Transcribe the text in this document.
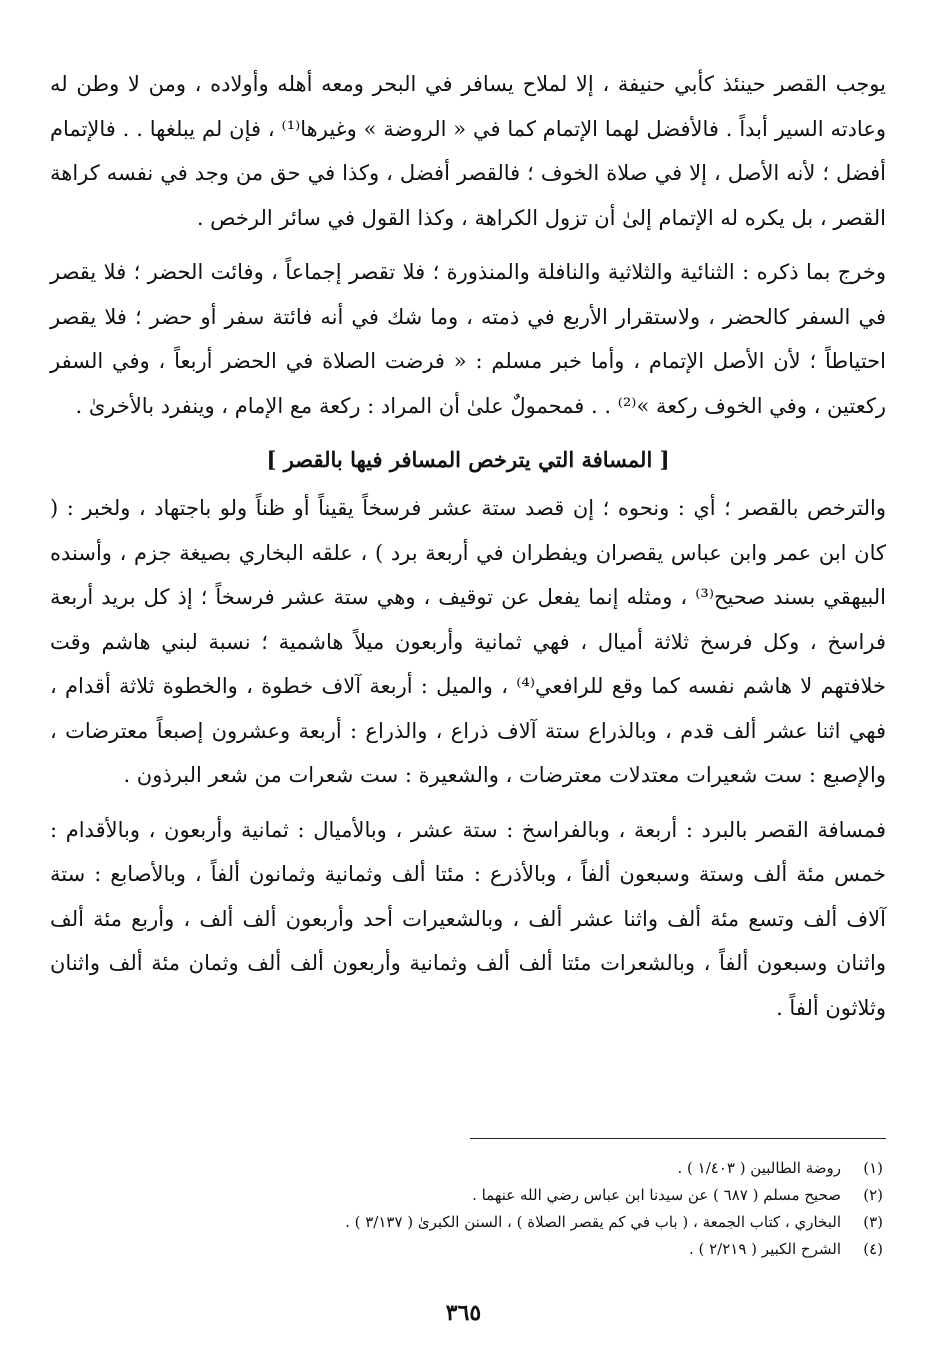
يوجب القصر حينئذ كأبي حنيفة ، إلا لملاح يسافر في البحر ومعه أهله وأولاده ، ومن لا وطن له وعادته السير أبداً . فالأفضل لهما الإتمام كما في « الروضة » وغيرها⁽¹⁾ ، فإن لم يبلغها . . فالإتمام أفضل ؛ لأنه الأصل ، إلا في صلاة الخوف ؛ فالقصر أفضل ، وكذا في حق من وجد في نفسه كراهة القصر ، بل يكره له الإتمام إلىٰ أن تزول الكراهة ، وكذا القول في سائر الرخص .

وخرج بما ذكره : الثنائية والثلاثية والنافلة والمنذورة ؛ فلا تقصر إجماعاً ، وفائت الحضر ؛ فلا يقصر في السفر كالحضر ، ولاستقرار الأربع في ذمته ، وما شك في أنه فائتة سفر أو حضر ؛ فلا يقصر احتياطاً ؛ لأن الأصل الإتمام ، وأما خبر مسلم : « فرضت الصلاة في الحضر أربعاً ، وفي السفر ركعتين ، وفي الخوف ركعة »⁽²⁾ . . فمحمولٌ علىٰ أن المراد : ركعة مع الإمام ، وينفرد بالأخرىٰ .

[ المسافة التي يترخص المسافر فيها بالقصر ]

والترخص بالقصر ؛ أي : ونحوه ؛ إن قصد ستة عشر فرسخاً يقيناً أو ظناً ولو باجتهاد ، ولخبر : ( كان ابن عمر وابن عباس يقصران ويفطران في أربعة برد ) ، علقه البخاري بصيغة جزم ، وأسنده البيهقي بسند صحيح⁽³⁾ ، ومثله إنما يفعل عن توقيف ، وهي ستة عشر فرسخاً ؛ إذ كل بريد أربعة فراسخ ، وكل فرسخ ثلاثة أميال ، فهي ثمانية وأربعون ميلاً هاشمية ؛ نسبة لبني هاشم وقت خلافتهم لا هاشم نفسه كما وقع للرافعي⁽⁴⁾ ، والميل : أربعة آلاف خطوة ، والخطوة ثلاثة أقدام ، فهي اثنا عشر ألف قدم ، وبالذراع ستة آلاف ذراع ، والذراع : أربعة وعشرون إصبعاً معترضات ، والإصبع : ست شعيرات معتدلات معترضات ، والشعيرة : ست شعرات من شعر البرذون .

فمسافة القصر بالبرد : أربعة ، وبالفراسخ : ستة عشر ، وبالأميال : ثمانية وأربعون ، وبالأقدام : خمس مئة ألف وستة وسبعون ألفاً ، وبالأذرع : مئتا ألف وثمانية وثمانون ألفاً ، وبالأصابع : ستة آلاف ألف وتسع مئة ألف واثنا عشر ألف ، وبالشعيرات أحد وأربعون ألف ألف ، وأربع مئة ألف واثنان وسبعون ألفاً ، وبالشعرات مئتا ألف ألف وثمانية وأربعون ألف ألف وثمان مئة ألف واثنان وثلاثون ألفاً .

(١)
روضة الطالبين ( ١/٤٠٣ ) .
(٢)
صحيح مسلم ( ٦٨٧ ) عن سيدنا ابن عباس رضي الله عنهما .
(٣)
البخاري ، كتاب الجمعة ، ( باب في كم يقصر الصلاة ) ، السنن الكبرىٰ ( ٣/١٣٧ ) .
(٤)
الشرح الكبير ( ٢/٢١٩ ) .
٣٦٥
